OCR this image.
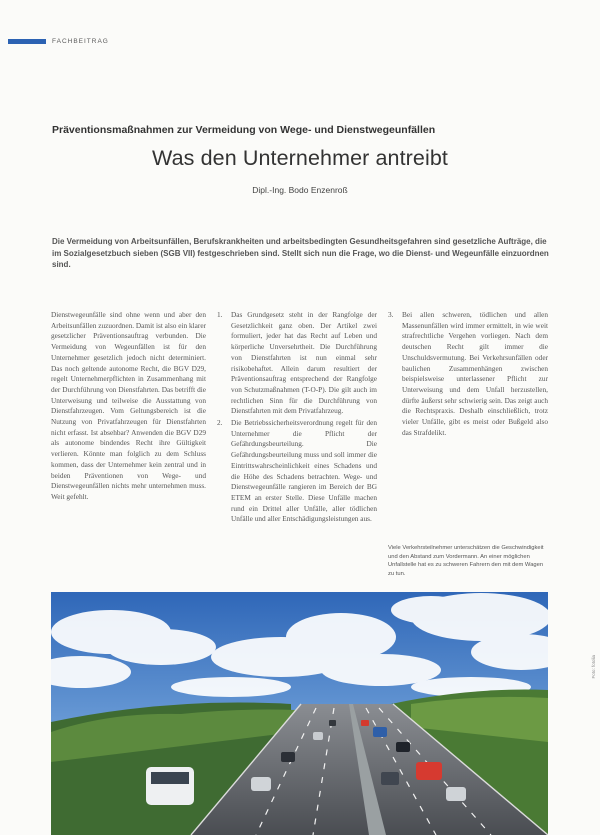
FACHBEITRAG
Präventionsmaßnahmen zur Vermeidung von Wege- und Dienstwegeunfällen
Was den Unternehmer antreibt
Dipl.-Ing. Bodo Enzenroß
Die Vermeidung von Arbeitsunfällen, Berufskrankheiten und arbeitsbedingten Gesundheitsgefahren sind gesetzliche Aufträge, die im Sozialgesetzbuch sieben (SGB VII) festgeschrieben sind. Stellt sich nun die Frage, wo die Dienst- und Wegeunfälle einzuordnen sind.

Dienstwegeunfälle sind ohne wenn und aber den Arbeitsunfällen zuzuordnen. Damit ist also ein klarer gesetzlicher Präventionsauftrag verbunden. Die Vermeidung von Wegeunfällen ist für den Unternehmer gesetzlich jedoch nicht determiniert. Das noch geltende autonome Recht, die BGV D29, regelt Unternehmerpflichten in Zusammenhang mit der Durchführung von Dienstfahrten. Das betrifft die Unterweisung und teilweise die Ausstattung von Dienstfahrzeugen. Vom Geltungsbereich ist die Nutzung von Privatfahrzeugen für Dienstfahrten nicht erfasst. Ist absehbar? Anwenden die BGV D29 als autonome bindendes Recht ihre Gültigkeit verlieren. Könnte man folglich zu dem Schluss kommen, dass der Unternehmer kein zentral und in beiden Präventionen von Wege- und Dienstwegeunfällen nichts mehr unternehmen muss. Weit gefehlt.

1. Das Grundgesetz steht in der Rangfolge der Gesetzlichkeit ganz oben. Der Artikel zwei formuliert, jeder hat das Recht auf Leben und körperliche Unversehrtheit. Die Durchführung von Dienstfahrten ist nun einmal sehr risikobehaftet. Allein darum resultiert der Präventionsauftrag entsprechend der Rangfolge von Schutzmaßnahmen (T-O-P). Die gilt auch im rechtlichen Sinn für die Durchführung von Dienstfahrten mit dem Privatfahrzeug.
2. Die Betriebssicherheitsverordnung regelt für den Unternehmer die Pflicht der Gefährdungsbeurteilung. Die Gefährdungsbeurteilung muss und soll immer die Eintrittswahrscheinlichkeit eines Schadens und die Höhe des Schadens betrachten. Wege- und Dienstwegeunfälle rangieren im Bereich der BG ETEM an erster Stelle. Diese Unfälle machen rund ein Drittel aller Unfälle, aller tödlichen Unfälle und aller Entschädigungsleistungen aus.
3. Bei allen schweren, tödlichen und allen Massenunfällen wird immer ermittelt, in wie weit strafrechtliche Vergehen vorliegen. Nach dem deutschen Recht gilt immer die Unschuldsvermutung. Bei Verkehrsunfällen oder baulichen Zusammenhängen zwischen beispielsweise unterlassener Pflicht zur Unterweisung und dem Unfall herzustellen, dürfte äußerst sehr schwierig sein. Das zeigt auch die Rechtspraxis. Deshalb einschließlich, trotz vieler Unfälle, gibt es meist oder Bußgeld also das Strafdelikt.
Viele Verkehrsteilnehmer unterschätzen die Geschwindigkeit und den Abstand zum Vordermann. An einer möglichen Unfallstelle hat es zu schweren Fahrern den mit dem Wagen zu tun.
Foto: fotolia
